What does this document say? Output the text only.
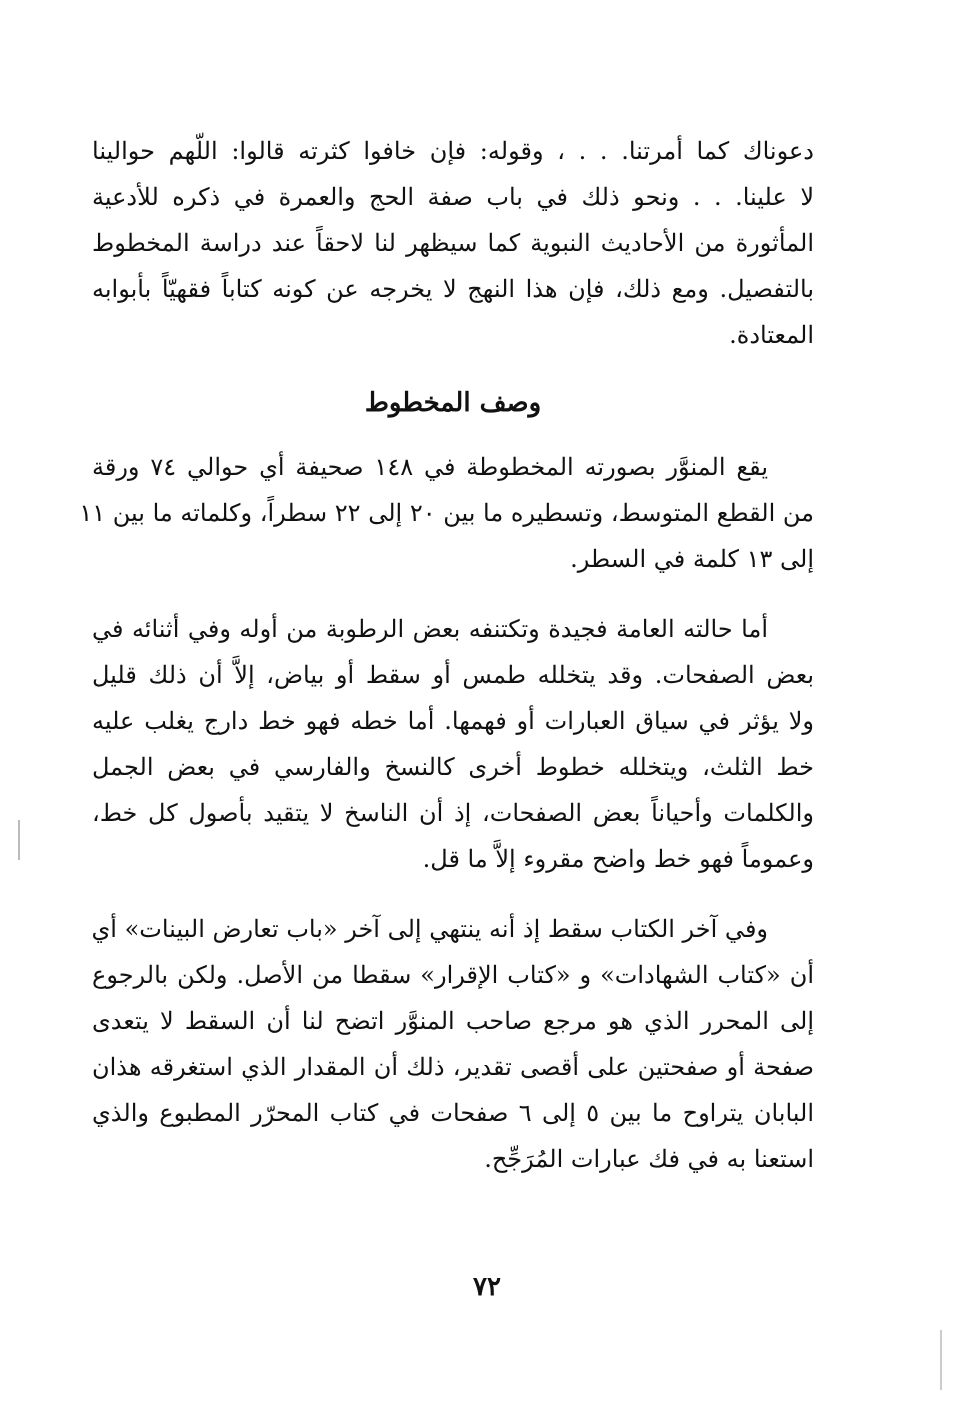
دعوناك كما أمرتنا. . . ، وقوله: فإن خافوا كثرته قالوا: اللّهم حوالينا
لا علينا. . . ونحو ذلك في باب صفة الحج والعمرة في ذكره للأدعية
المأثورة من الأحاديث النبوية كما سيظهر لنا لاحقاً عند دراسة المخطوط
بالتفصيل. ومع ذلك، فإن هذا النهج لا يخرجه عن كونه كتاباً فقهيّاً بأبوابه
المعتادة.
وصف المخطوط
يقع المنوَّر بصورته المخطوطة في ١٤٨ صحيفة أي حوالي ٧٤ ورقة
من القطع المتوسط، وتسطيره ما بين ٢٠ إلى ٢٢ سطراً، وكلماته ما بين ١١
إلى ١٣ كلمة في السطر.
أما حالته العامة فجيدة وتكتنفه بعض الرطوبة من أوله وفي أثنائه في
بعض الصفحات. وقد يتخلله طمس أو سقط أو بياض، إلاَّ أن ذلك قليل
ولا يؤثر في سياق العبارات أو فهمها. أما خطه فهو خط دارج يغلب عليه
خط الثلث، ويتخلله خطوط أخرى كالنسخ والفارسي في بعض الجمل
والكلمات وأحياناً بعض الصفحات، إذ أن الناسخ لا يتقيد بأصول كل خط،
وعموماً فهو خط واضح مقروء إلاَّ ما قل.
وفي آخر الكتاب سقط إذ أنه ينتهي إلى آخر «باب تعارض البينات» أي
أن «كتاب الشهادات» و «كتاب الإقرار» سقطا من الأصل. ولكن بالرجوع
إلى المحرر الذي هو مرجع صاحب المنوَّر اتضح لنا أن السقط لا يتعدى
صفحة أو صفحتين على أقصى تقدير، ذلك أن المقدار الذي استغرقه هذان
البابان يتراوح ما بين ٥ إلى ٦ صفحات في كتاب المحرّر المطبوع والذي
استعنا به في فك عبارات المُرَجِّح.
٧٢
